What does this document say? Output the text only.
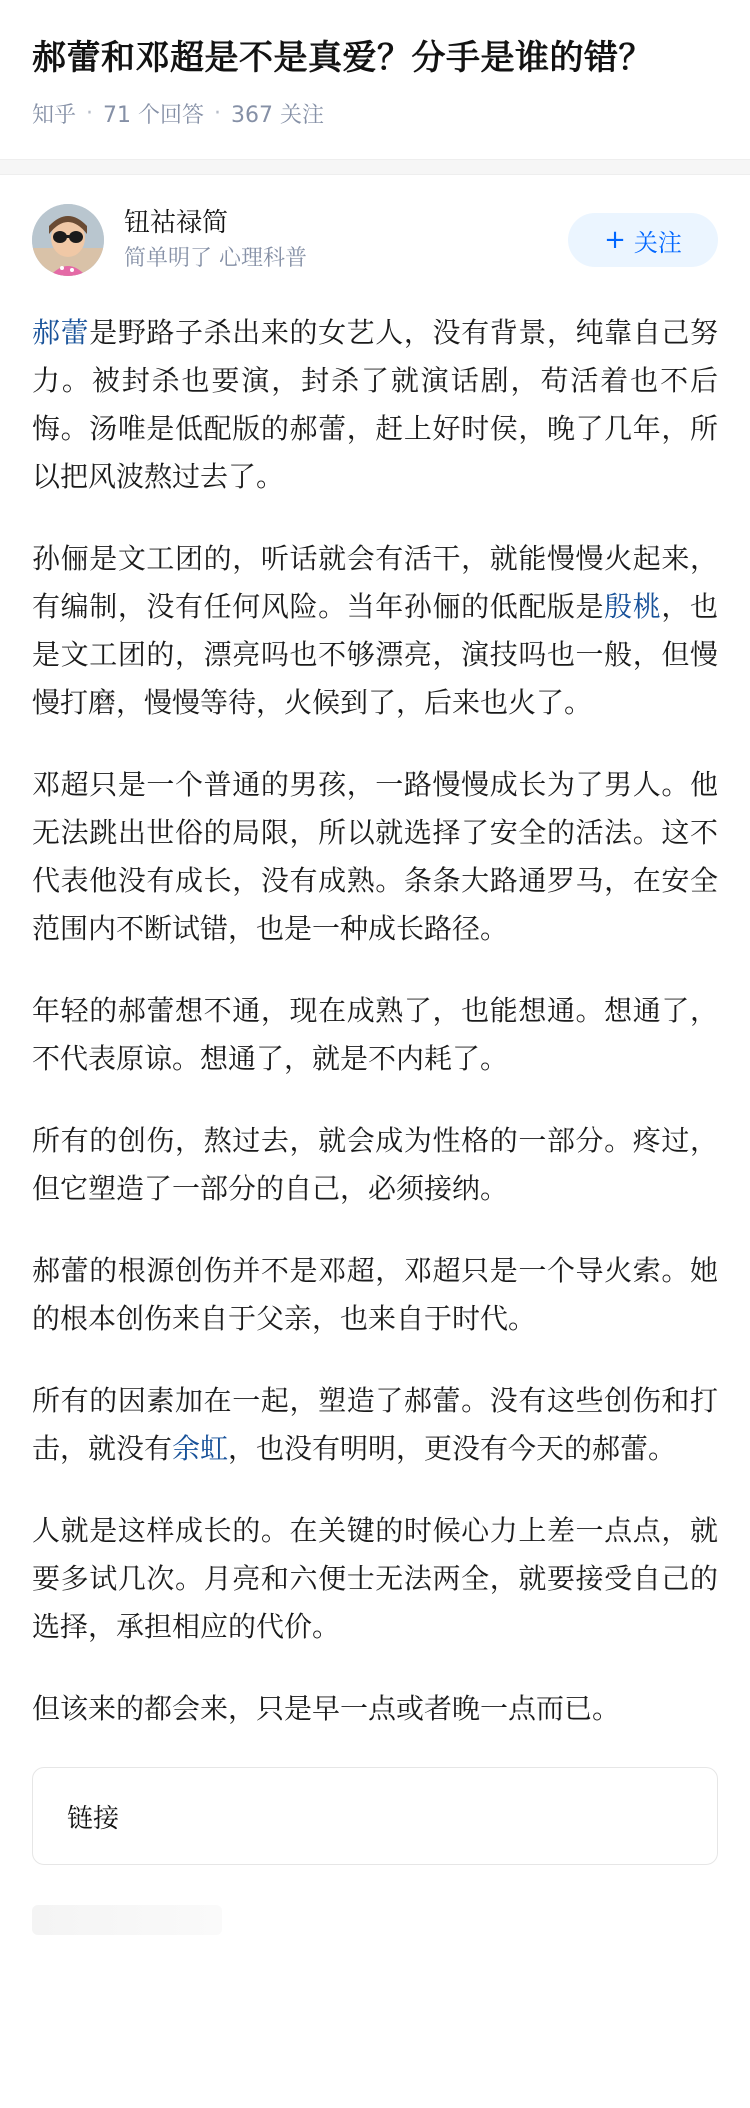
郝蕾和邓超是不是真爱？分手是谁的错？
知乎 · 71 个回答 · 367 关注
钮祜禄简
简单明了 心理科普
+ 关注

郝蕾是野路子杀出来的女艺人，没有背景，纯靠自己努力。被封杀也要演，封杀了就演话剧，苟活着也不后悔。汤唯是低配版的郝蕾，赶上好时侯，晚了几年，所以把风波熬过去了。

孙俪是文工团的，听话就会有活干，就能慢慢火起来，有编制，没有任何风险。当年孙俪的低配版是殷桃，也是文工团的，漂亮吗也不够漂亮，演技吗也一般，但慢慢打磨，慢慢等待，火候到了，后来也火了。

邓超只是一个普通的男孩，一路慢慢成长为了男人。他无法跳出世俗的局限，所以就选择了安全的活法。这不代表他没有成长，没有成熟。条条大路通罗马，在安全范围内不断试错，也是一种成长路径。

年轻的郝蕾想不通，现在成熟了，也能想通。想通了，不代表原谅。想通了，就是不内耗了。

所有的创伤，熬过去，就会成为性格的一部分。疼过，但它塑造了一部分的自己，必须接纳。

郝蕾的根源创伤并不是邓超，邓超只是一个导火索。她的根本创伤来自于父亲，也来自于时代。

所有的因素加在一起，塑造了郝蕾。没有这些创伤和打击，就没有余虹，也没有明明，更没有今天的郝蕾。

人就是这样成长的。在关键的时候心力上差一点点，就要多试几次。月亮和六便士无法两全，就要接受自己的选择，承担相应的代价。

但该来的都会来，只是早一点或者晚一点而已。

链接
